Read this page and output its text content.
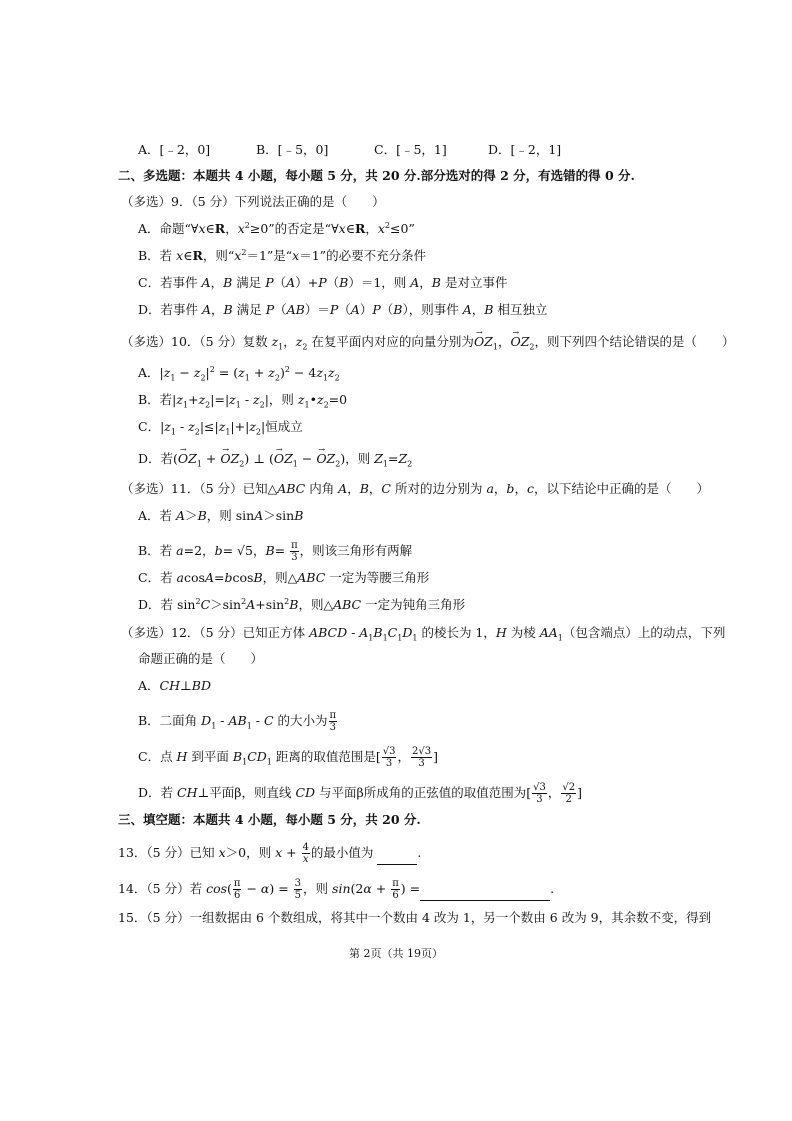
A．[﹣2，0]	B．[﹣5，0]	C．[﹣5，1]	D．[﹣2，1]
二、多选题：本题共 4 小题，每小题 5 分，共 20 分.部分选对的得 2 分，有选错的得 0 分.
（多选）9．（5 分）下列说法正确的是（　　）
A．命题“∀x∈R，$x^2\ge 0$”的否定是“∀x∈R，$x^2\le 0$”
B．若 x∈R，则“$x^2=1$”是“x＝1”的必要不充分条件
C．若事件 A，B 满足 P（A）+P（B）＝1，则 A，B 是对立事件
D．若事件 A，B 满足 P（AB）＝P（A）P（B），则事件 A，B 相互独立
（多选）10．（5 分）复数 $z_1$，$z_2$ 在复平面内对应的向量分别为→ $OZ_1$，→ $OZ_2$，则下列四个结论错误的是（　　）
A．$|z_1 - z_2|^2 = (z_1 + z_2)^2 - 4z_1z_2$
B．若$|z_1+z_2|=|z_1 - z_2|$，则 $z_1•z_2=0$
C．$|z_1 - z_2|\le|z_1|+|z_2|$恒成立
D．若(→ $OZ_1$ + → $OZ_2$) ⊥ (→ $OZ_1$ − → $OZ_2$)，则 $Z_1=Z_2$
（多选）11．（5 分）已知△ABC 内角 A，B，C 所对的边分别为 a，b，c，以下结论中正确的是（　　）
A．若 A＞B，则 sinA＞sinB
B．若 a=2，b= √5，$B= \frac{\pi}{3}$ ，则该三角形有两解
C．若 acosA=bcosB，则△ABC 一定为等腰三角形
D．若 $\sin^2C>\sin^2A+\sin^2B$，则△ABC 一定为钝角三角形
（多选）12．（5 分）已知正方体 ABCD - $A_1B_1C_1D_1$ 的棱长为 1，H 为棱 $AA_1$（包含端点）上的动点，下列
命题正确的是（　　）
A．CH⊥BD
B．二面角 $D_1 - AB_1$ - C 的大小为 $\frac{\pi}{3}$
C．点 H 到平面 $B_1CD_1$ 距离的取值范围是[ $\frac{√3}{3}$ ， $\frac{2√3}{3}$ ]
D．若 CH⊥平面β，则直线 CD 与平面β所成角的正弦值的取值范围为[ $\frac{√3}{3}$ ， $\frac{√2}{2}$ ]
三、填空题：本题共 4 小题，每小题 5 分，共 20 分.
13．（5 分）已知 x＞0，则 $x + \frac{4}{x}$ 的最小值为	.
14．（5 分）若 $\cos( \frac{\pi}{6} - \alpha) = \frac{3}{5}$ ，则 $\sin(2\alpha + \frac{\pi}{6}$ ) =	.
15．（5 分）一组数据由 6 个数组成，将其中一个数由 4 改为 1，另一个数由 6 改为 9，其余数不变，得到
第 2页（共 19页）
